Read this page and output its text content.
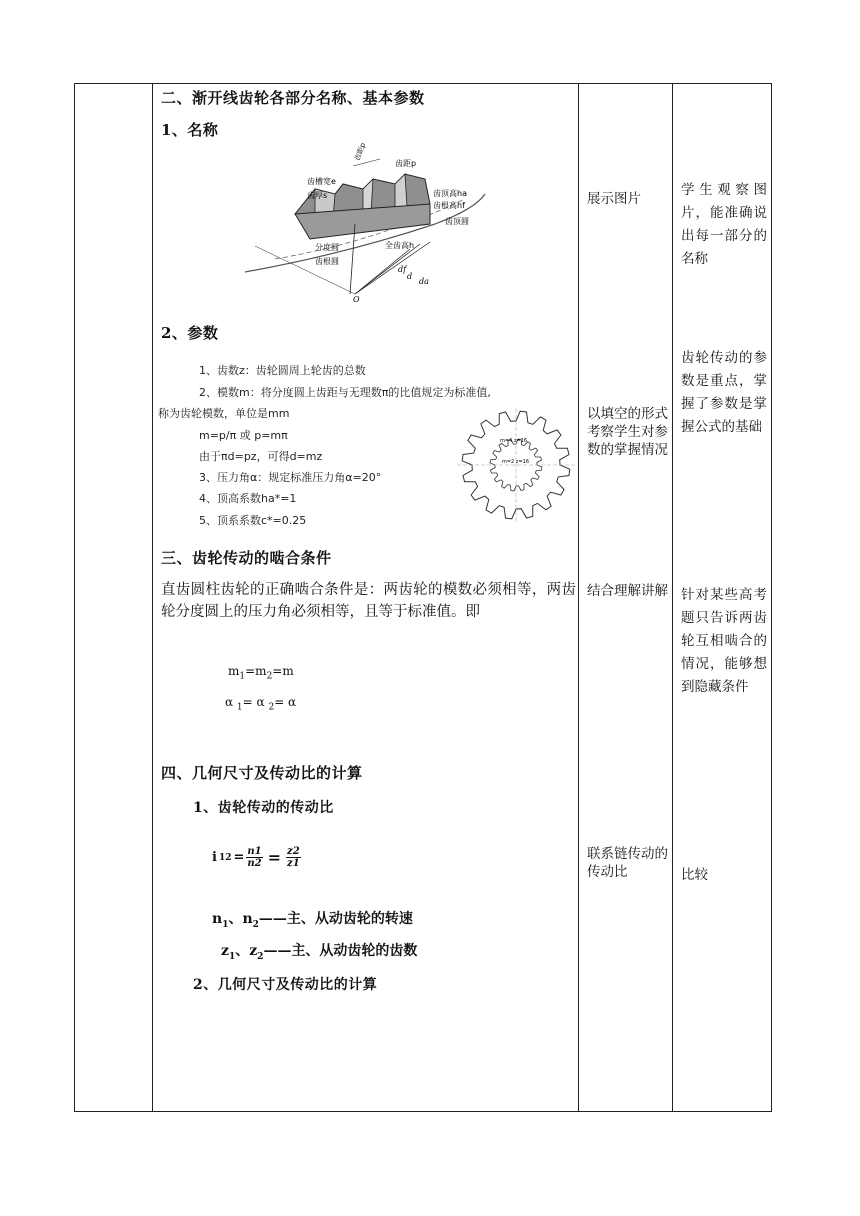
二、渐开线齿轮各部分名称、基本参数
1、名称
齿槽宽e
齿厚s
齿距p
齿顶高ha
齿根高hf
齿顶圆
分度圆
齿根圆
全齿高h
df
d
da
O
齿距p
2、参数
1、齿数z：齿轮圆周上轮齿的总数
2、模数m：将分度圆上齿距与无理数π的比值规定为标准值,
称为齿轮模数，单位是mm
m=p/π 或 p=mπ
由于πd=pz，可得d=mz
3、压力角α：规定标准压力角α=20°
4、顶高系数ha*=1
5、顶系系数c*=0.25
m=4 z=16
m=2 z=16
展示图片
学生观察图片，能准确说出每一部分的名称
以填空的形式考察学生对参数的掌握情况
齿轮传动的参数是重点，掌握了参数是掌握公式的基础
三、齿轮传动的啮合条件
直齿圆柱齿轮的正确啮合条件是：两齿轮的模数必须相等，两齿轮分度圆上的压力角必须相等，且等于标准值。即
$m_1=m_2=m$
α $_1$= α $_2$= α
结合理解讲解 针对某些高考题只告诉两齿轮互相啮合的情况，能够想到隐藏条件
四、几何尺寸及传动比的计算
1、齿轮传动的传动比
i $12 = \frac{n1}{n2} = \frac{z2}{z1}$
$n_1$、$n_2——$主、从动齿轮的转速
$z_1$、$z_2——$主、从动齿轮的齿数
2、几何尺寸及传动比的计算
联系链传动的传动比	比较
